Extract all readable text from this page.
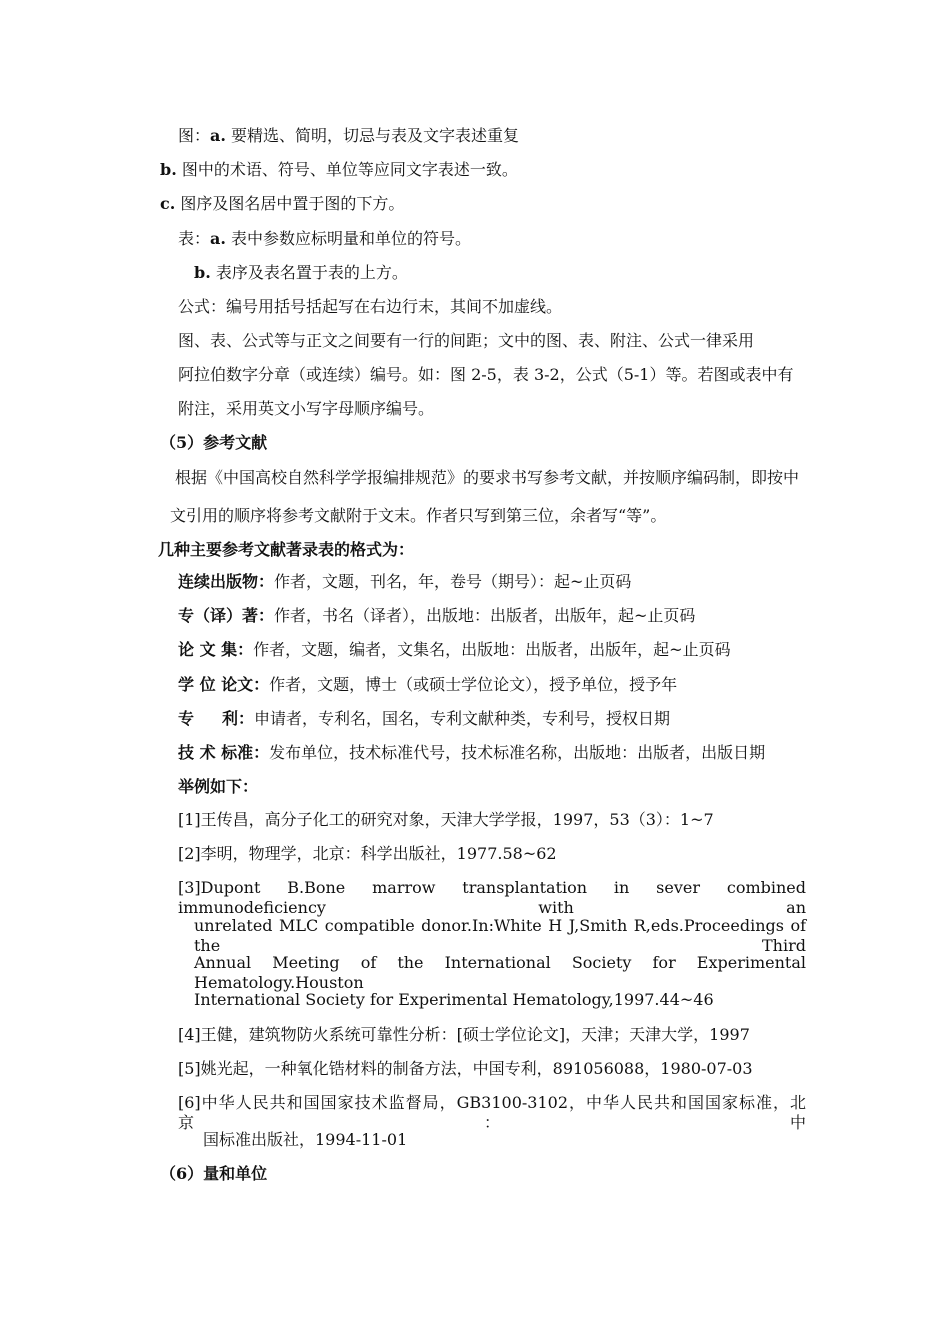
图：a. 要精选、简明，切忌与表及文字表述重复
b. 图中的术语、符号、单位等应同文字表述一致。
c. 图序及图名居中置于图的下方。
表：a. 表中参数应标明量和单位的符号。
b. 表序及表名置于表的上方。
公式：编号用括号括起写在右边行末，其间不加虚线。
图、表、公式等与正文之间要有一行的间距；文中的图、表、附注、公式一律采用
阿拉伯数字分章（或连续）编号。如：图 2-5，表 3-2，公式（5-1）等。若图或表中有
附注，采用英文小写字母顺序编号。
（5）参考文献
根据《中国高校自然科学学报编排规范》的要求书写参考文献，并按顺序编码制，即按中
文引用的顺序将参考文献附于文末。作者只写到第三位，余者写“等”。
几种主要参考文献著录表的格式为：
连续出版物：作者，文题，刊名，年，卷号（期号）：起~止页码
专（译）著：作者，书名（译者），出版地：出版者，出版年，起~止页码
论 文 集：作者，文题，编者，文集名，出版地：出版者，出版年，起~止页码
学 位 论文：作者，文题，博士（或硕士学位论文），授予单位，授予年
专 利：申请者，专利名，国名，专利文献种类，专利号，授权日期
技 术 标准：发布单位，技术标准代号，技术标准名称，出版地：出版者，出版日期
举例如下：
[1]王传昌，高分子化工的研究对象，天津大学学报，1997，53（3）：1~7
[2]李明，物理学，北京：科学出版社，1977.58~62
[3]Dupont B.Bone marrow transplantation in sever combined immunodeficiency with an
unrelated MLC compatible donor.In:White H J,Smith R,eds.Proceedings of the Third
Annual Meeting of the International Society for Experimental Hematology.Houston
International Society for Experimental Hematology,1997.44~46
[4]王健，建筑物防火系统可靠性分析：[硕士学位论文]，天津；天津大学，1997
[5]姚光起，一种氧化锆材料的制备方法，中国专利，891056088，1980-07-03
[6]中华人民共和国国家技术监督局，GB3100-3102，中华人民共和国国家标准，北京：中
国标准出版社，1994-11-01
（6）量和单位
